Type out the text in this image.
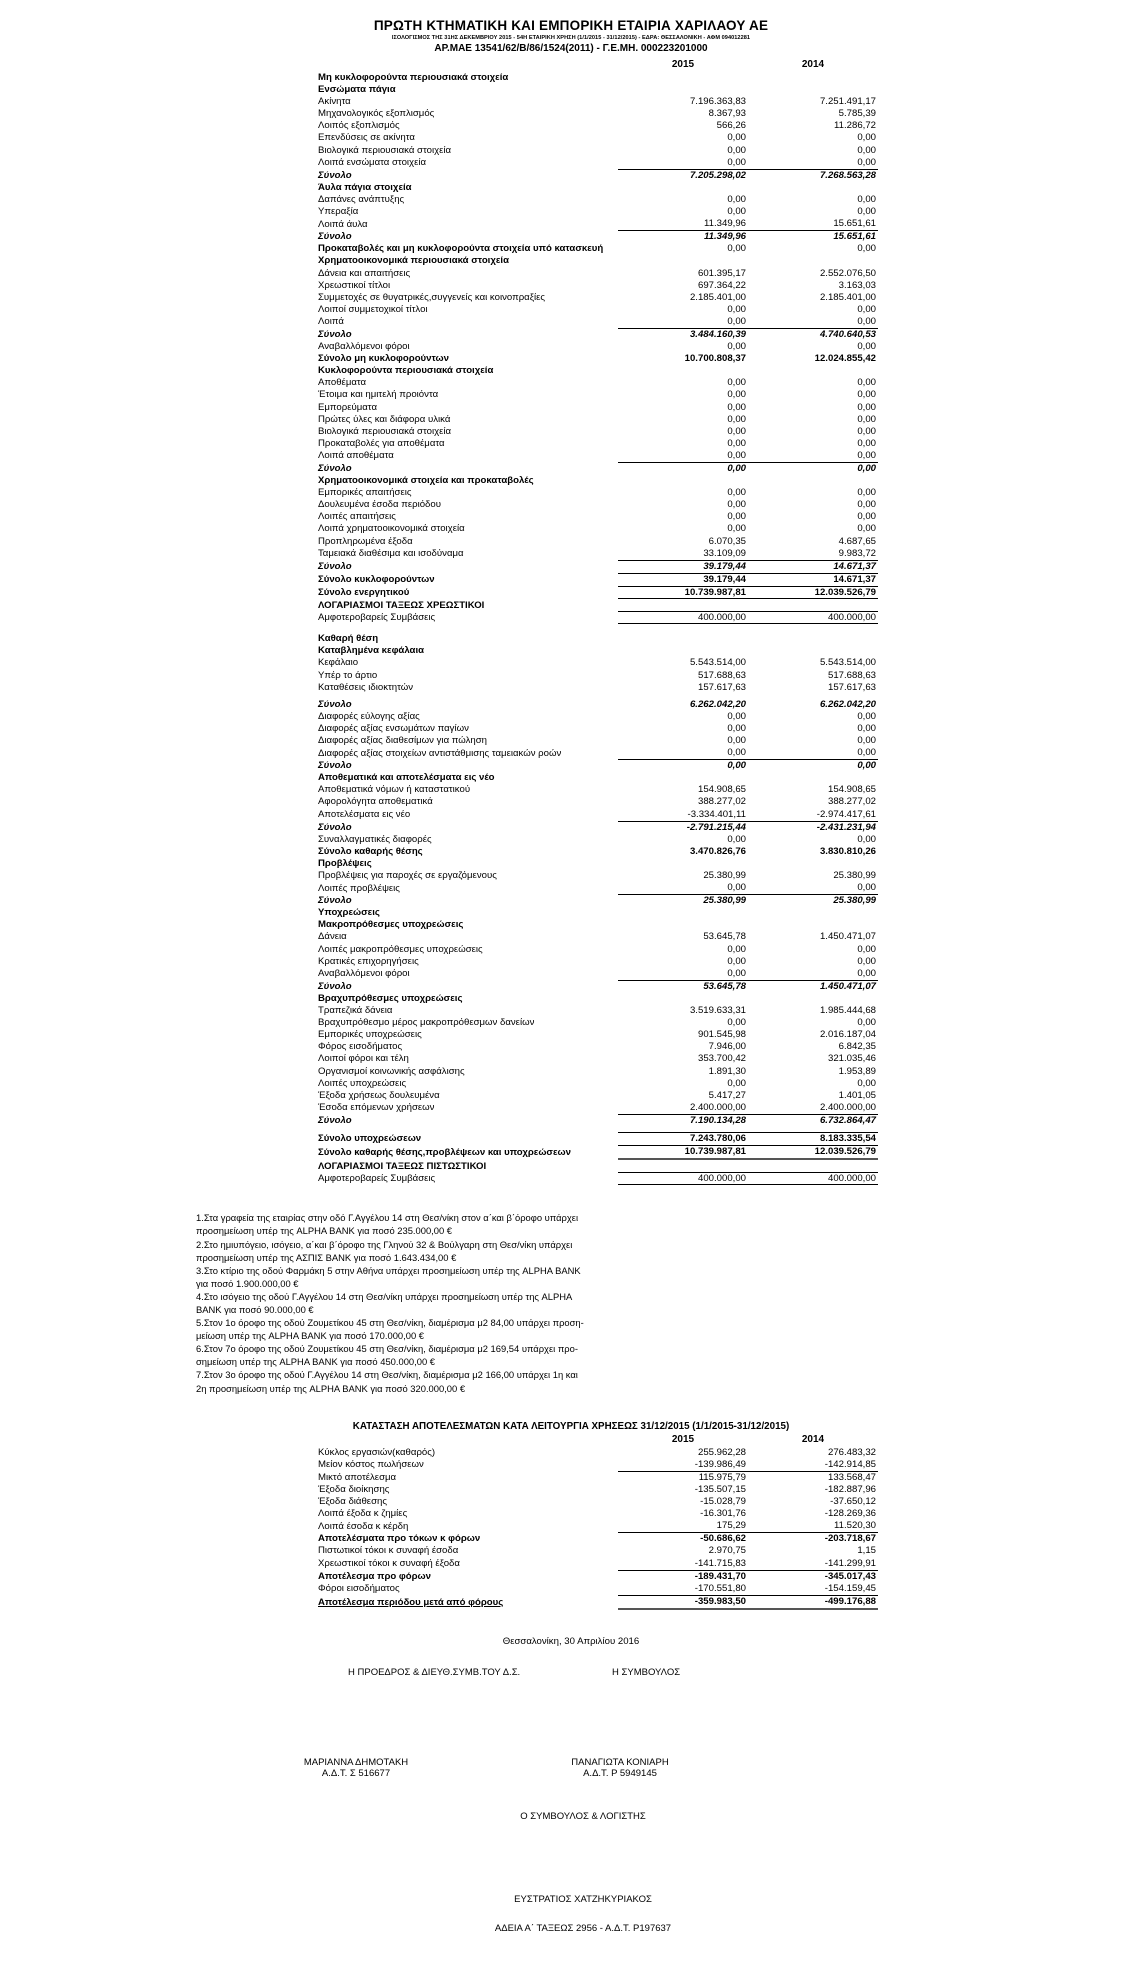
ΠΡΩΤΗ ΚΤΗΜΑΤΙΚΗ ΚΑΙ ΕΜΠΟΡΙΚΗ ΕΤΑΙΡΙΑ ΧΑΡΙΛΑΟΥ ΑΕ
ΙΣΟΛΟΓΙΣΜΟΣ ΤΗΣ 31ΗΣ ΔΕΚΕΜΒΡΙΟΥ 2015 - 54Η ΕΤΑΙΡΙΚΗ ΧΡΗΣΗ (1/1/2015 - 31/12/2015) - ΕΔΡΑ: ΘΕΣΣΑΛΟΝΙΚΗ - ΑΦΜ 094012281
ΑΡ.ΜΑΕ 13541/62/Β/86/1524(2011) - Γ.Ε.ΜΗ. 000223201000
	2015	2014
Μη κυκλοφορούντα περιουσιακά στοιχεία		
Ενσώματα πάγια		
Ακίνητα	7.196.363,83	7.251.491,17
Μηχανολογικός εξοπλισμός	8.367,93	5.785,39
Λοιπός εξοπλισμός	566,26	11.286,72
Επενδύσεις σε ακίνητα	0,00	0,00
Βιολογικά περιουσιακά στοιχεία	0,00	0,00
Λοιπά ενσώματα στοιχεία	0,00	0,00
Σύνολο	7.205.298,02	7.268.563,28
Άυλα πάγια στοιχεία		
Δαπάνες ανάπτυξης	0,00	0,00
Υπεραξία	0,00	0,00
Λοιπά άυλα	11.349,96	15.651,61
Σύνολο	11.349,96	15.651,61
Προκαταβολές και μη κυκλοφορούντα στοιχεία υπό κατασκευή	0,00	0,00
Χρηματοοικονομικά περιουσιακά στοιχεία		
Δάνεια και απαιτήσεις	601.395,17	2.552.076,50
Χρεωστικοί τίτλοι	697.364,22	3.163,03
Συμμετοχές σε θυγατρικές,συγγενείς και κοινοπραξίες	2.185.401,00	2.185.401,00
Λοιποί συμμετοχικοί τίτλοι	0,00	0,00
Λοιπά	0,00	0,00
Σύνολο	3.484.160,39	4.740.640,53
Αναβαλλόμενοι φόροι	0,00	0,00
Σύνολο μη κυκλοφορούντων	10.700.808,37	12.024.855,42
Κυκλοφορούντα περιουσιακά στοιχεία		
Αποθέματα	0,00	0,00
Έτοιμα και ημιτελή προιόντα	0,00	0,00
Εμπορεύματα	0,00	0,00
Πρώτες ύλες και διάφορα υλικά	0,00	0,00
Βιολογικά περιουσιακά στοιχεία	0,00	0,00
Προκαταβολές για αποθέματα	0,00	0,00
Λοιπά αποθέματα	0,00	0,00
Σύνολο	0,00	0,00
Χρηματοοικονομικά στοιχεία και προκαταβολές		
Εμπορικές απαιτήσεις	0,00	0,00
Δουλευμένα έσοδα περιόδου	0,00	0,00
Λοιπές απαιτήσεις	0,00	0,00
Λοιπά χρηματοοικονομικά στοιχεία	0,00	0,00
Προπληρωμένα έξοδα	6.070,35	4.687,65
Ταμειακά διαθέσιμα και ισοδύναμα	33.109,09	9.983,72
Σύνολο	39.179,44	14.671,37
Σύνολο κυκλοφορούντων	39.179,44	14.671,37
Σύνολο ενεργητικού	10.739.987,81	12.039.526,79
ΛΟΓΑΡΙΑΣΜΟΙ ΤΑΞΕΩΣ ΧΡΕΩΣΤΙΚΟΙ		
Αμφοτεροβαρείς Συμβάσεις	400.000,00	400.000,00

Καθαρή θέση		
Καταβλημένα κεφάλαια		
Κεφάλαιο	5.543.514,00	5.543.514,00
Υπέρ το άρτιο	517.688,63	517.688,63
Καταθέσεις ιδιοκτητών	157.617,63	157.617,63

Σύνολο	6.262.042,20	6.262.042,20
Διαφορές εύλογης αξίας	0,00	0,00
Διαφορές αξίας ενσωμάτων παγίων	0,00	0,00
Διαφορές αξίας διαθεσίμων για πώληση	0,00	0,00
Διαφορές αξίας στοιχείων αντιστάθμισης ταμειακών ροών	0,00	0,00
Σύνολο	0,00	0,00
Αποθεματικά και αποτελέσματα εις νέο		
Αποθεματικά νόμων ή καταστατικού	154.908,65	154.908,65
Αφορολόγητα αποθεματικά	388.277,02	388.277,02
Αποτελέσματα εις νέο	-3.334.401,11	-2.974.417,61
Σύνολο	-2.791.215,44	-2.431.231,94
Συναλλαγματικές διαφορές	0,00	0,00
Σύνολο καθαρής θέσης	3.470.826,76	3.830.810,26
Προβλέψεις		
Προβλέψεις για παροχές σε εργαζόμενους	25.380,99	25.380,99
Λοιπές προβλέψεις	0,00	0,00
Σύνολο	25.380,99	25.380,99
Υποχρεώσεις		
Μακροπρόθεσμες υποχρεώσεις		
Δάνεια	53.645,78	1.450.471,07
Λοιπές μακροπρόθεσμες υποχρεώσεις	0,00	0,00
Κρατικές επιχορηγήσεις	0,00	0,00
Αναβαλλόμενοι φόροι	0,00	0,00
Σύνολο	53.645,78	1.450.471,07
Βραχυπρόθεσμες υποχρεώσεις		
Τραπεζικά δάνεια	3.519.633,31	1.985.444,68
Βραχυπρόθεσμο μέρος μακροπρόθεσμων δανείων	0,00	0,00
Εμπορικές υποχρεώσεις	901.545,98	2.016.187,04
Φόρος εισοδήματος	7.946,00	6.842,35
Λοιποί φόροι και τέλη	353.700,42	321.035,46
Οργανισμοί κοινωνικής ασφάλισης	1.891,30	1.953,89
Λοιπές υποχρεώσεις	0,00	0,00
Έξοδα χρήσεως δουλευμένα	5.417,27	1.401,05
Έσοδα επόμενων χρήσεων	2.400.000,00	2.400.000,00
Σύνολο	7.190.134,28	6.732.864,47

Σύνολο υποχρεώσεων	7.243.780,06	8.183.335,54
Σύνολο καθαρής θέσης,προβλέψεων και υποχρεώσεων	10.739.987,81	12.039.526,79
ΛΟΓΑΡΙΑΣΜΟΙ ΤΑΞΕΩΣ ΠΙΣΤΩΣΤΙΚΟΙ		
Αμφοτεροβαρείς Συμβάσεις	400.000,00	400.000,00

1.Στα γραφεία της εταιρίας στην οδό Γ.Αγγέλου 14 στη Θεσ/νίκη στον α΄και β΄όροφο υπάρχει

προσημείωση υπέρ της ALPHA BANK για ποσό 235.000,00 €

2.Στο ημιυπόγειο, ισόγειο, α΄και β΄όροφο της Γληνού 32 & Βούλγαρη στη Θεσ/νίκη υπάρχει

προσημείωση υπέρ της ΑΣΠΙΣ BANK για ποσό 1.643.434,00 €

3.Στο κτίριο της οδού Φαρμάκη 5 στην Αθήνα υπάρχει προσημείωση υπέρ της ALPHA BANK

για ποσό 1.900.000,00 €

4.Στο ισόγειο της οδού Γ.Αγγέλου 14 στη Θεσ/νίκη υπάρχει προσημείωση υπέρ της ALPHA

BANK για ποσό 90.000,00 €

5.Στον 1ο όροφο της οδού Ζουμετίκου 45 στη Θεσ/νίκη, διαμέρισμα μ2 84,00 υπάρχει προση-

μείωση υπέρ της ALPHA BANK για ποσό 170.000,00 €

6.Στον 7ο όροφο της οδού Ζουμετίκου 45 στη Θεσ/νίκη, διαμέρισμα μ2 169,54 υπάρχει προ-

σημείωση υπέρ της ALPHA BANK για ποσό 450.000,00 €

7.Στον 3ο όροφο της οδού Γ.Αγγέλου 14 στη Θεσ/νίκη, διαμέρισμα μ2 166,00 υπάρχει 1η και

2η προσημείωση υπέρ της ALPHA BANK για ποσό 320.000,00 €

ΚΑΤΑΣΤΑΣΗ ΑΠΟΤΕΛΕΣΜΑΤΩΝ ΚΑΤΑ ΛΕΙΤΟΥΡΓΙΑ ΧΡΗΣΕΩΣ 31/12/2015 (1/1/2015-31/12/2015)
	2015	2014
Κύκλος εργασιών(καθαρός)	255.962,28	276.483,32
Μείον κόστος πωλήσεων	-139.986,49	-142.914,85
Μικτό αποτέλεσμα	115.975,79	133.568,47
Έξοδα διοίκησης	-135.507,15	-182.887,96
Έξοδα διάθεσης	-15.028,79	-37.650,12
Λοιπά έξοδα κ ζημίες	-16.301,76	-128.269,36
Λοιπά έσοδα κ κέρδη	175,29	11.520,30
Αποτελέσματα προ τόκων κ φόρων	-50.686,62	-203.718,67
Πιστωτικοί τόκοι κ συναφή έσοδα	2.970,75	1,15
Χρεωστικοί τόκοι κ συναφή έξοδα	-141.715,83	-141.299,91
Αποτέλεσμα προ φόρων	-189.431,70	-345.017,43
Φόροι εισοδήματος	-170.551,80	-154.159,45
Αποτέλεσμα περιόδου μετά από φόρους	-359.983,50	-499.176,88
Θεσσαλονίκη, 30 Απριλίου 2016
Η ΠΡΟΕΔΡΟΣ & ΔΙΕΥΘ.ΣΥΜΒ.ΤΟΥ Δ.Σ.	Η ΣΥΜΒΟΥΛΟΣ
ΜΑΡΙΑΝΝΑ ΔΗΜΟΤΑΚΗ
Α.Δ.Τ. Σ 516677
ΠΑΝΑΓΙΩΤΑ ΚΟΝΙΑΡΗ
Α.Δ.Τ. Ρ 5949145
Ο ΣΥΜΒΟΥΛΟΣ & ΛΟΓΙΣΤΗΣ
ΕΥΣΤΡΑΤΙΟΣ ΧΑΤΖΗΚΥΡΙΑΚΟΣ
ΑΔΕΙΑ Α΄ ΤΑΞΕΩΣ 2956 - Α.Δ.Τ. Ρ197637
